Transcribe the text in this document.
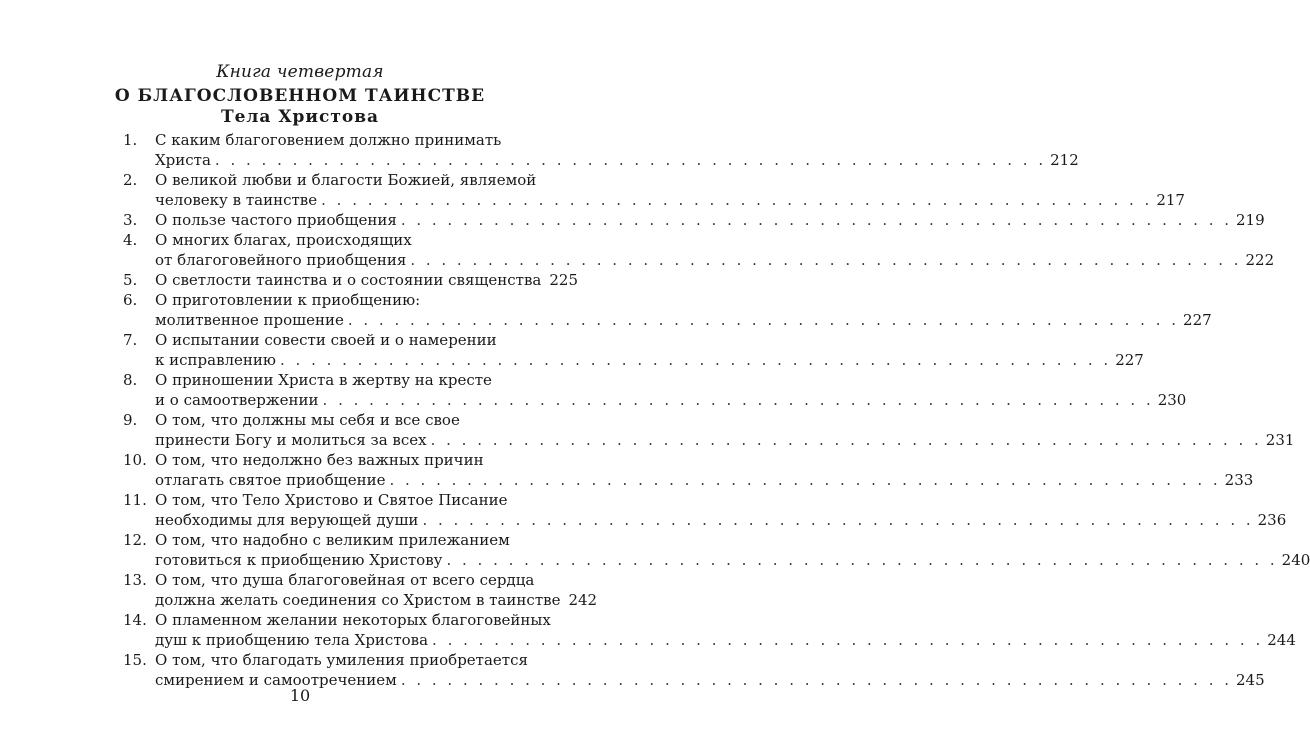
Книга четвертая
О БЛАГОСЛОВЕННОМ ТАИНСТВЕ
Тела Христова
1. С каким благоговением должно принимать
Христа . . . . . . . . . . . . . . . . . . . . . . . . . . . . . . . . . . . . . . . . . . . . . . . . . . . . . . 212
2. О великой любви и благости Божией, являемой
человеку в таинстве . . . . . . . . . . . . . . . . . . . . . . . . . . . . . . . . . . . . . . . . . . . . . . . . . . . . . . 217
3. О пользе частого приобщения . . . . . . . . . . . . . . . . . . . . . . . . . . . . . . . . . . . . . . . . . . . . . . . . . . . . . . 219
4. О многих благах, происходящих
от благоговейного приобщения . . . . . . . . . . . . . . . . . . . . . . . . . . . . . . . . . . . . . . . . . . . . . . . . . . . . . . 222
5. О светлости таинства и о состоянии священства 225
6. О приготовлении к приобщению:
молитвенное прошение . . . . . . . . . . . . . . . . . . . . . . . . . . . . . . . . . . . . . . . . . . . . . . . . . . . . . . 227
7. О испытании совести своей и о намерении
к исправлению . . . . . . . . . . . . . . . . . . . . . . . . . . . . . . . . . . . . . . . . . . . . . . . . . . . . . . 227
8. О приношении Христа в жертву на кресте
и о самоотвержении . . . . . . . . . . . . . . . . . . . . . . . . . . . . . . . . . . . . . . . . . . . . . . . . . . . . . . 230
9. О том, что должны мы себя и все свое
принести Богу и молиться за всех . . . . . . . . . . . . . . . . . . . . . . . . . . . . . . . . . . . . . . . . . . . . . . . . . . . . . . 231
10. О том, что недолжно без важных причин
отлагать святое приобщение . . . . . . . . . . . . . . . . . . . . . . . . . . . . . . . . . . . . . . . . . . . . . . . . . . . . . . 233
11. О том, что Тело Христово и Святое Писание
необходимы для верующей души . . . . . . . . . . . . . . . . . . . . . . . . . . . . . . . . . . . . . . . . . . . . . . . . . . . . . . 236
12. О том, что надобно с великим прилежанием
готовиться к приобщению Христову . . . . . . . . . . . . . . . . . . . . . . . . . . . . . . . . . . . . . . . . . . . . . . . . . . . . . . 240
13. О том, что душа благоговейная от всего сердца
должна желать соединения со Христом в таинстве 242
14. О пламенном желании некоторых благоговейных
душ к приобщению тела Христова . . . . . . . . . . . . . . . . . . . . . . . . . . . . . . . . . . . . . . . . . . . . . . . . . . . . . . 244
15. О том, что благодать умиления приобретается
смирением и самоотречением . . . . . . . . . . . . . . . . . . . . . . . . . . . . . . . . . . . . . . . . . . . . . . . . . . . . . . 245
10
